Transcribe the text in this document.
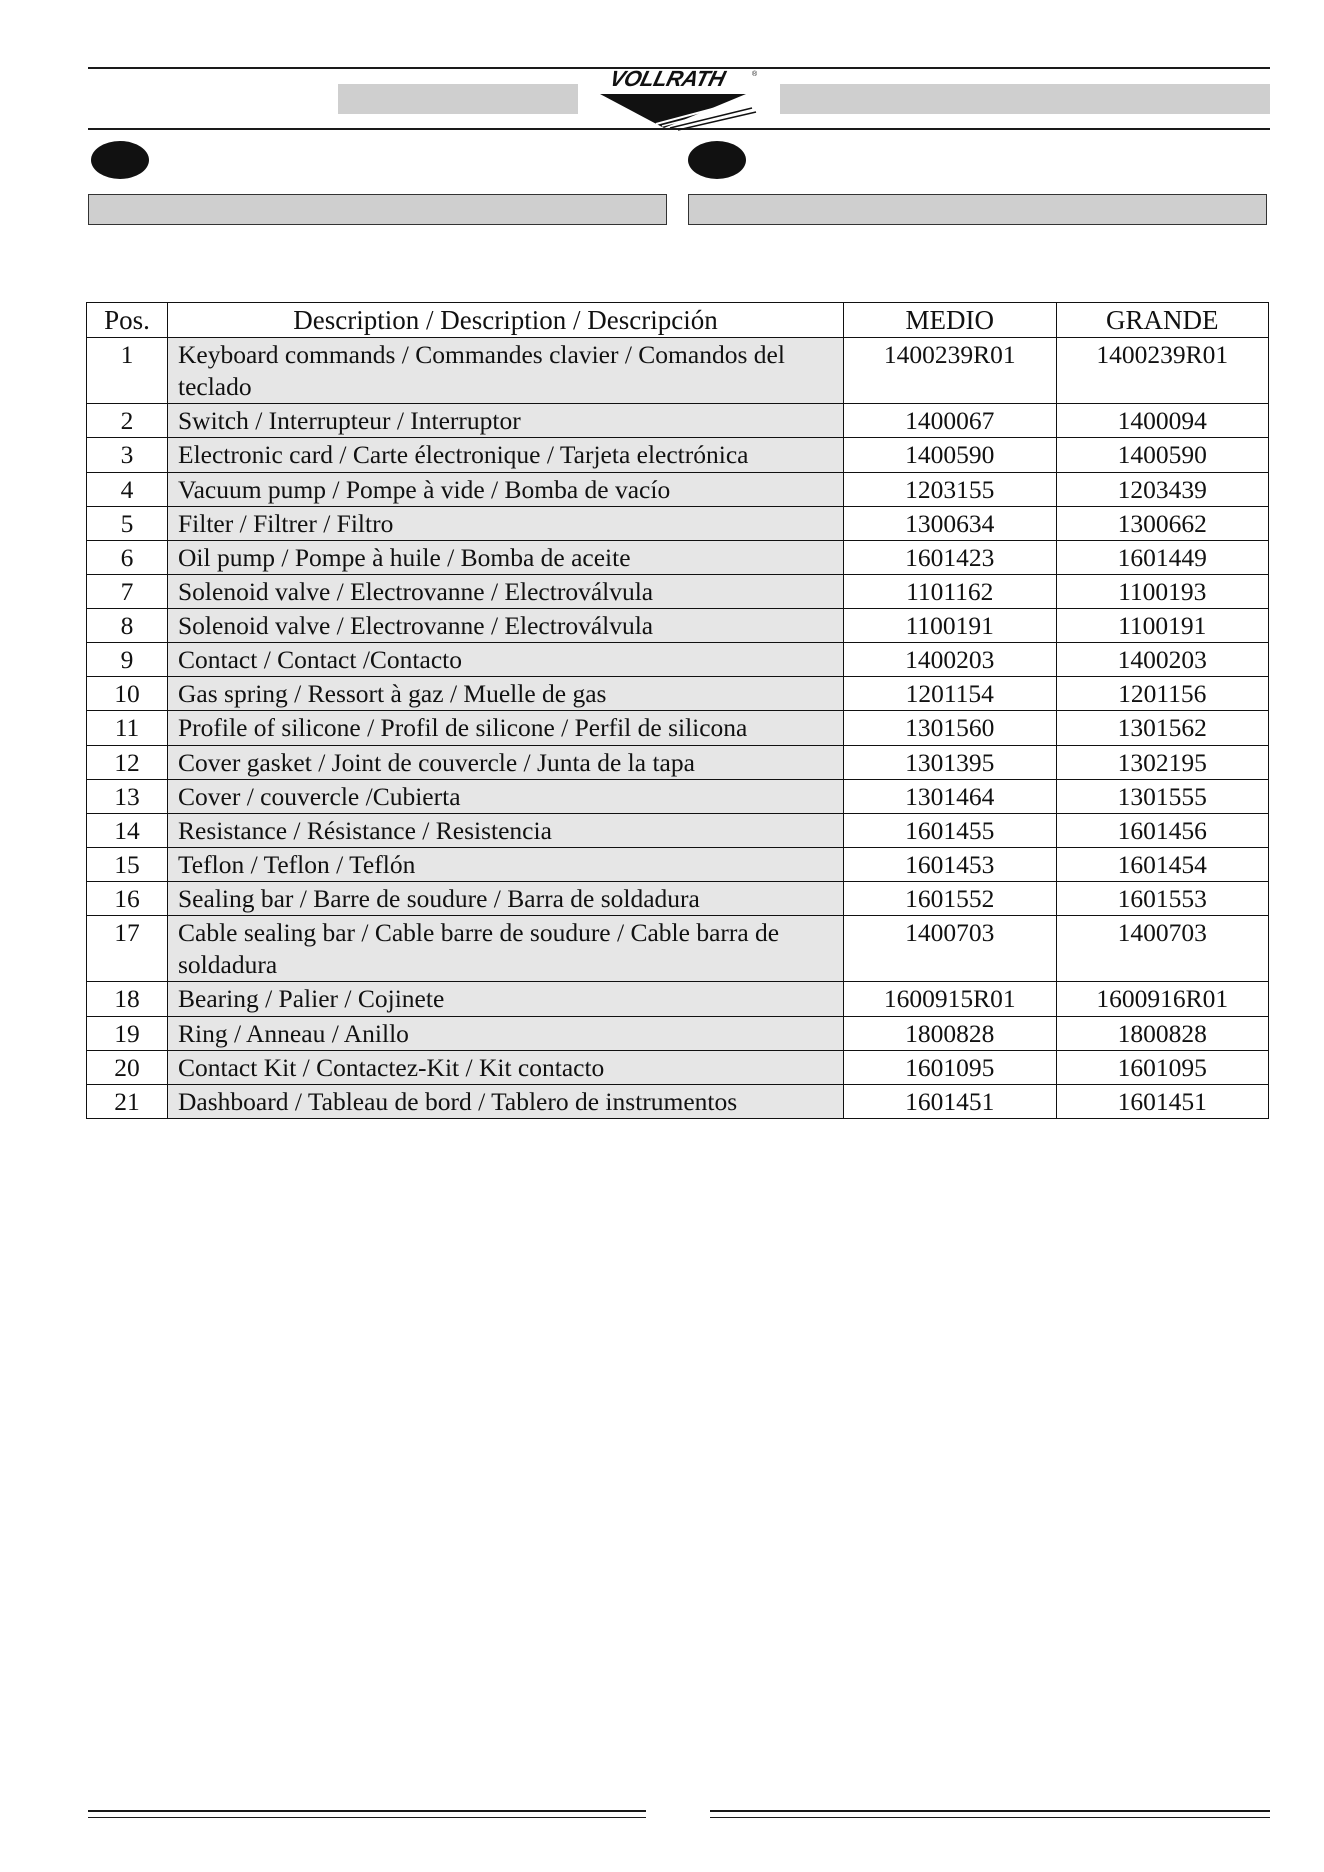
VOLLRATH	®
Pos.	Description / Description / Descripción	MEDIO	GRANDE
1	Keyboard commands / Commandes clavier / Comandos del teclado	1400239R01	1400239R01
2	Switch / Interrupteur / Interruptor	1400067	1400094
3	Electronic card / Carte électronique / Tarjeta electrónica	1400590	1400590
4	Vacuum pump / Pompe à vide / Bomba de vacío	1203155	1203439
5	Filter / Filtrer / Filtro	1300634	1300662
6	Oil pump / Pompe à huile / Bomba de aceite	1601423	1601449
7	Solenoid valve / Electrovanne / Electroválvula	1101162	1100193
8	Solenoid valve / Electrovanne / Electroválvula	1100191	1100191
9	Contact / Contact /Contacto	1400203	1400203
10	Gas spring / Ressort à gaz / Muelle de gas	1201154	1201156
11	Profile of silicone / Profil de silicone / Perfil de silicona	1301560	1301562
12	Cover gasket / Joint de couvercle / Junta de la tapa	1301395	1302195
13	Cover / couvercle /Cubierta	1301464	1301555
14	Resistance / Résistance / Resistencia	1601455	1601456
15	Teflon / Teflon / Teflón	1601453	1601454
16	Sealing bar / Barre de soudure / Barra de soldadura	1601552	1601553
17	Cable sealing bar / Cable barre de soudure / Cable barra de soldadura	1400703	1400703
18	Bearing / Palier / Cojinete	1600915R01	1600916R01
19	Ring / Anneau / Anillo	1800828	1800828
20	Contact Kit / Contactez-Kit / Kit contacto	1601095	1601095
21	Dashboard / Tableau de bord / Tablero de instrumentos	1601451	1601451
